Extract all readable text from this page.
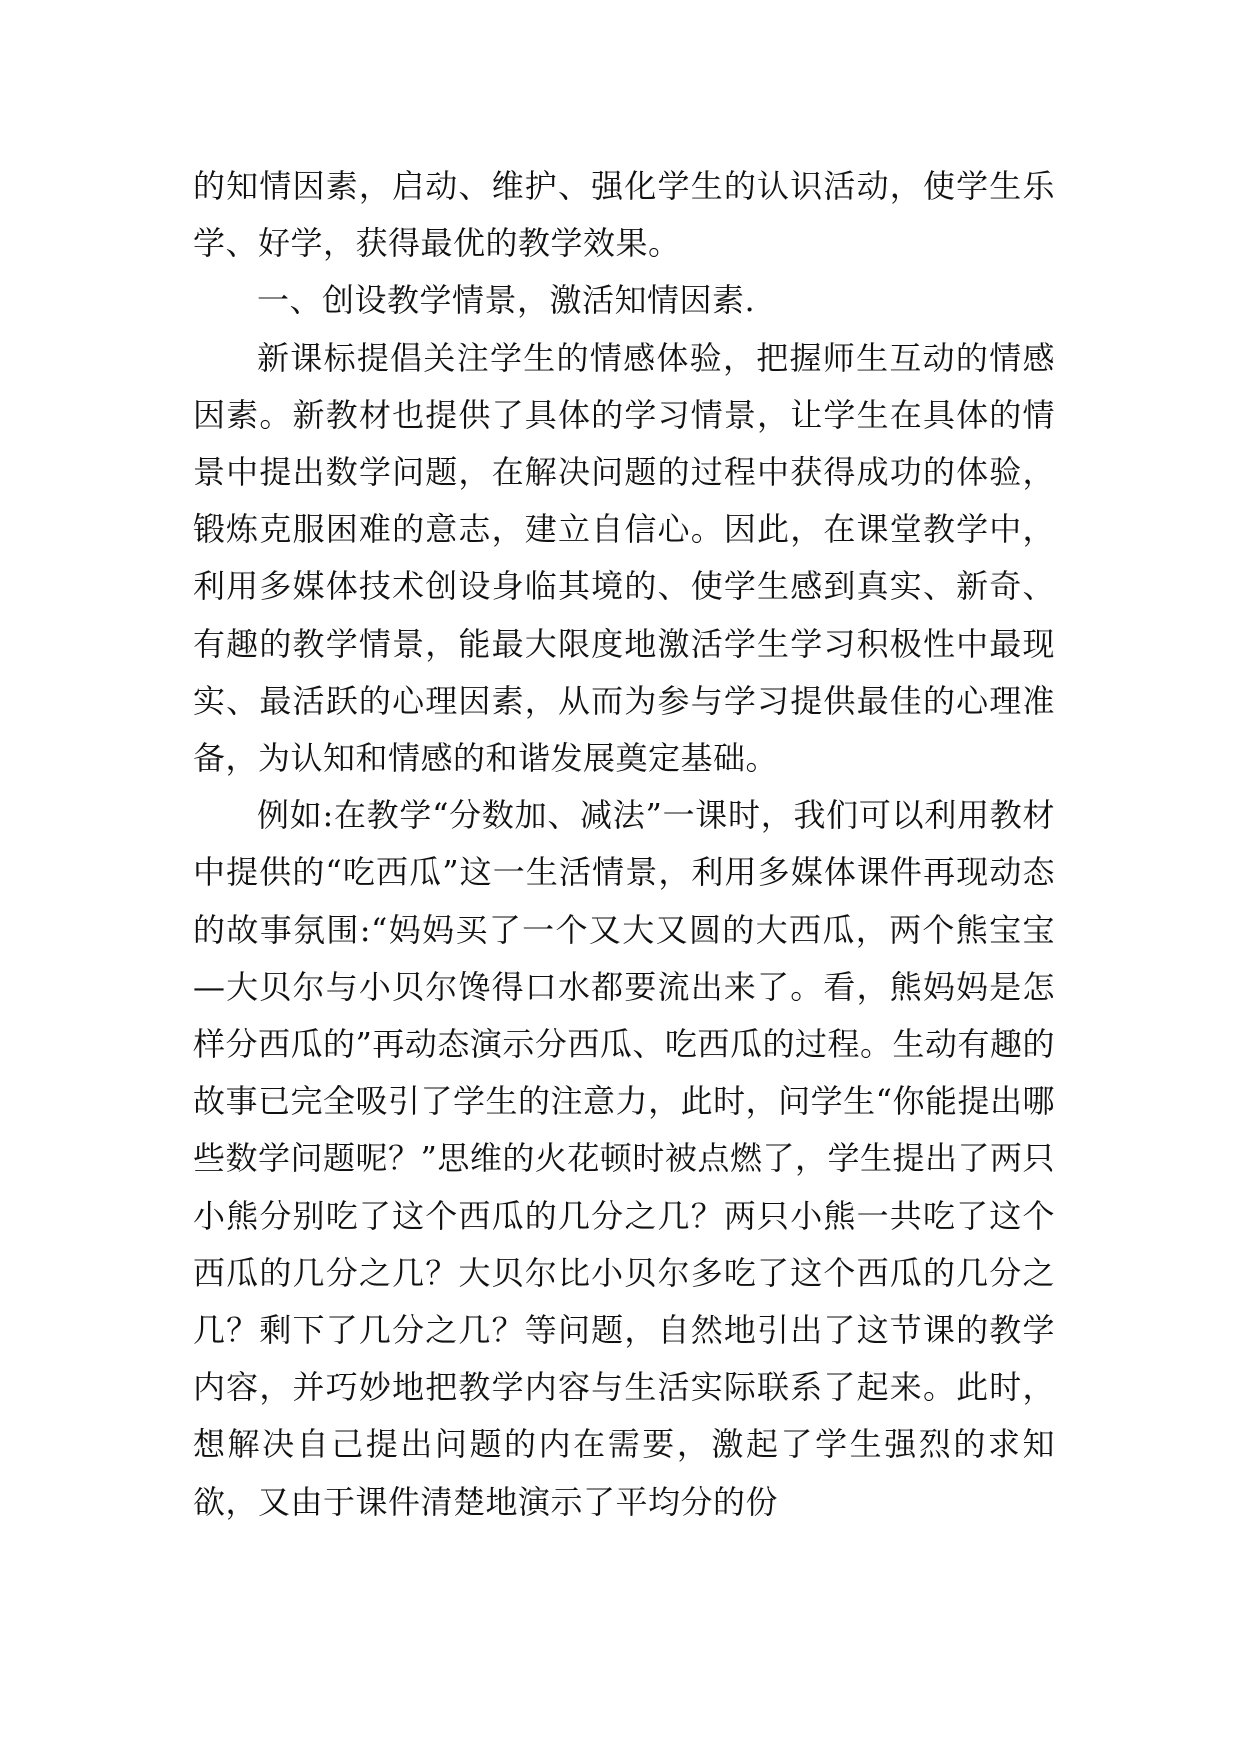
的知情因素，启动、维护、强化学生的认识活动，使学生乐学、好学，获得最优的教学效果。

一、创设教学情景，激活知情因素.

新课标提倡关注学生的情感体验，把握师生互动的情感因素。新教材也提供了具体的学习情景，让学生在具体的情景中提出数学问题，在解决问题的过程中获得成功的体验，锻炼克服困难的意志，建立自信心。因此，在课堂教学中，利用多媒体技术创设身临其境的、使学生感到真实、新奇、有趣的教学情景，能最大限度地激活学生学习积极性中最现实、最活跃的心理因素，从而为参与学习提供最佳的心理准备，为认知和情感的和谐发展奠定基础。

例如:在教学“分数加、减法”一课时，我们可以利用教材中提供的“吃西瓜”这一生活情景，利用多媒体课件再现动态的故事氛围:“妈妈买了一个又大又圆的大西瓜，两个熊宝宝—大贝尔与小贝尔馋得口水都要流出来了。看，熊妈妈是怎样分西瓜的”再动态演示分西瓜、吃西瓜的过程。生动有趣的故事已完全吸引了学生的注意力，此时，问学生“你能提出哪些数学问题呢？”思维的火花顿时被点燃了，学生提出了两只小熊分别吃了这个西瓜的几分之几？两只小熊一共吃了这个西瓜的几分之几？大贝尔比小贝尔多吃了这个西瓜的几分之几？剩下了几分之几？等问题，自然地引出了这节课的教学内容，并巧妙地把教学内容与生活实际联系了起来。此时，想解决自己提出问题的内在需要，激起了学生强烈的求知欲，又由于课件清楚地演示了平均分的份
